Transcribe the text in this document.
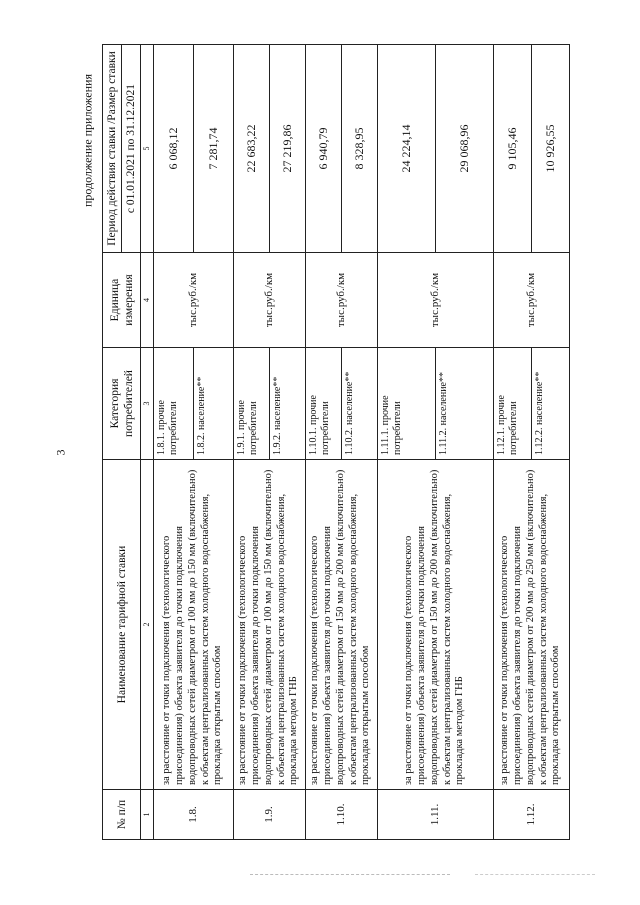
продолжение приложения
3
№ п/п	Наименование тарифной ставки	Категория потребителей	Единица измерения	Период действия ставки /Размер ставки
				с 01.01.2021 по 31.12.2021
1	2	3	4	5
1.8.	за расстояние от точки подключения (технологического присоединения) объекта заявителя до точки подключения водопроводных сетей диаметром от 100 мм до 150 мм (включительно) к объектам централизованных систем холодного водоснабжения, прокладка открытым способом	1.8.1. прочие потребители	тыс.руб./км	6 068,12
		1.8.2. население**		7 281,74
1.9.	за расстояние от точки подключения (технологического присоединения) объекта заявителя до точки подключения водопроводных сетей диаметром от 100 мм до 150 мм (включительно) к объектам централизованных систем холодного водоснабжения, прокладка методом ГНБ	1.9.1. прочие потребители	тыс.руб./км	22 683,22
		1.9.2. население**		27 219,86
1.10.	за расстояние от точки подключения (технологического присоединения) объекта заявителя до точки подключения водопроводных сетей диаметром от 150 мм до 200 мм (включительно) к объектам централизованных систем холодного водоснабжения, прокладка открытым способом	1.10.1. прочие потребители	тыс.руб./км	6 940,79
		1.10.2. население**		8 328,95
1.11.	за расстояние от точки подключения (технологического присоединения) объекта заявителя до точки подключения водопроводных сетей диаметром от 150 мм до 200 мм (включительно) к объектам централизованных систем холодного водоснабжения, прокладка методом ГНБ	1.11.1. прочие потребители	тыс.руб./км	24 224,14
		1.11.2. население**		29 068,96
1.12.	за расстояние от точки подключения (технологического присоединения) объекта заявителя до точки подключения водопроводных сетей диаметром от 200 мм до 250 мм (включительно) к объектам централизованных систем холодного водоснабжения, прокладка открытым способом	1.12.1. прочие потребители	тыс.руб./км	9 105,46
		1.12.2. население**		10 926,55
